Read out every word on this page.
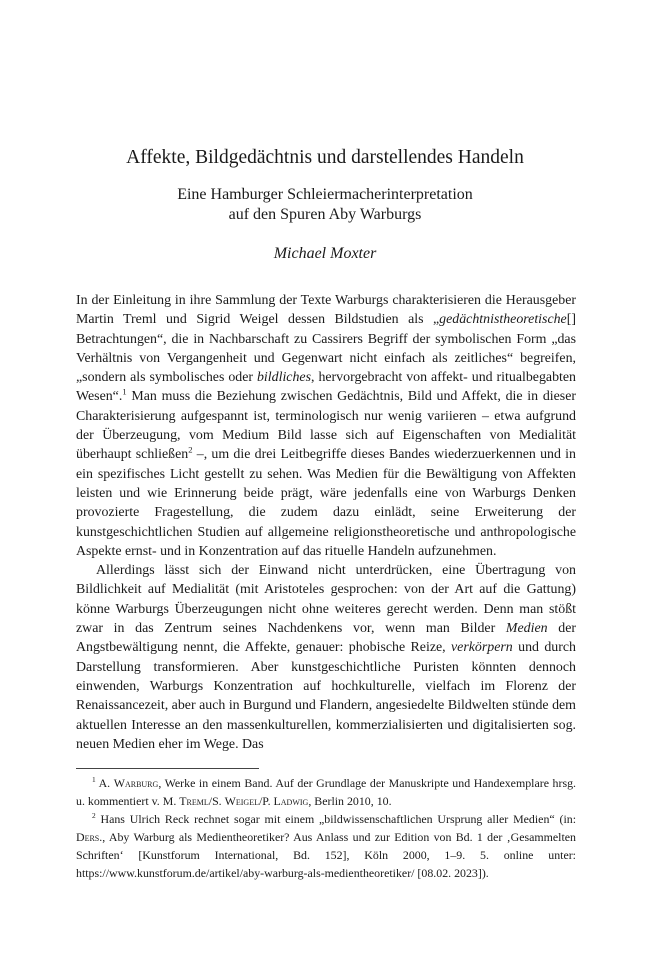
Affekte, Bildgedächtnis und darstellendes Handeln
Eine Hamburger Schleiermacherinterpretation
auf den Spuren Aby Warburgs
Michael Moxter

In der Einleitung in ihre Sammlung der Texte Warburgs charakterisieren die Herausgeber Martin Treml und Sigrid Weigel dessen Bildstudien als „gedächtnistheoretische[] Betrachtungen“, die in Nachbarschaft zu Cassirers Begriff der symbolischen Form „das Verhältnis von Vergangenheit und Gegenwart nicht einfach als zeitliches“ begreifen, „sondern als symbolisches oder bildliches, hervorgebracht von affekt- und ritualbegabten Wesen“.$^1$ Man muss die Beziehung zwischen Gedächtnis, Bild und Affekt, die in dieser Charakterisierung aufgespannt ist, terminologisch nur wenig variieren – etwa aufgrund der Überzeugung, vom Medium Bild lasse sich auf Eigenschaften von Medialität überhaupt schließen$^2$ –, um die drei Leitbegriffe dieses Bandes wiederzuerkennen und in ein spezifisches Licht gestellt zu sehen. Was Medien für die Bewältigung von Affekten leisten und wie Erinnerung beide prägt, wäre jedenfalls eine von Warburgs Denken provozierte Fragestellung, die zudem dazu einlädt, seine Erweiterung der kunstgeschichtlichen Studien auf allgemeine religionstheoretische und anthropologische Aspekte ernst- und in Konzentration auf das rituelle Handeln aufzunehmen.

Allerdings lässt sich der Einwand nicht unterdrücken, eine Übertragung von Bildlichkeit auf Medialität (mit Aristoteles gesprochen: von der Art auf die Gattung) könne Warburgs Überzeugungen nicht ohne weiteres gerecht werden. Denn man stößt zwar in das Zentrum seines Nachdenkens vor, wenn man Bilder Medien der Angstbewältigung nennt, die Affekte, genauer: phobische Reize, verkörpern und durch Darstellung transformieren. Aber kunstgeschichtliche Puristen könnten dennoch einwenden, Warburgs Konzentration auf hochkulturelle, vielfach im Florenz der Renaissancezeit, aber auch in Burgund und Flandern, angesiedelte Bildwelten stünde dem aktuellen Interesse an den massenkulturellen, kommerzialisierten und digitalisierten sog. neuen Medien eher im Wege. Das

$^1$ A. Warburg, Werke in einem Band. Auf der Grundlage der Manuskripte und Handexemplare hrsg. u. kommentiert v. M. Treml/S. Weigel/P. Ladwig, Berlin 2010, 10.

$^2$ Hans Ulrich Reck rechnet sogar mit einem „bildwissenschaftlichen Ursprung aller Medien“ (in: Ders., Aby Warburg als Medientheoretiker? Aus Anlass und zur Edition von Bd. 1 der ‚Gesammelten Schriften‘ [Kunstforum International, Bd. 152], Köln 2000, 1–9. 5. online unter: https://www.kunstforum.de/artikel/aby-warburg-als-medientheoretiker/ [08.02. 2023]).
